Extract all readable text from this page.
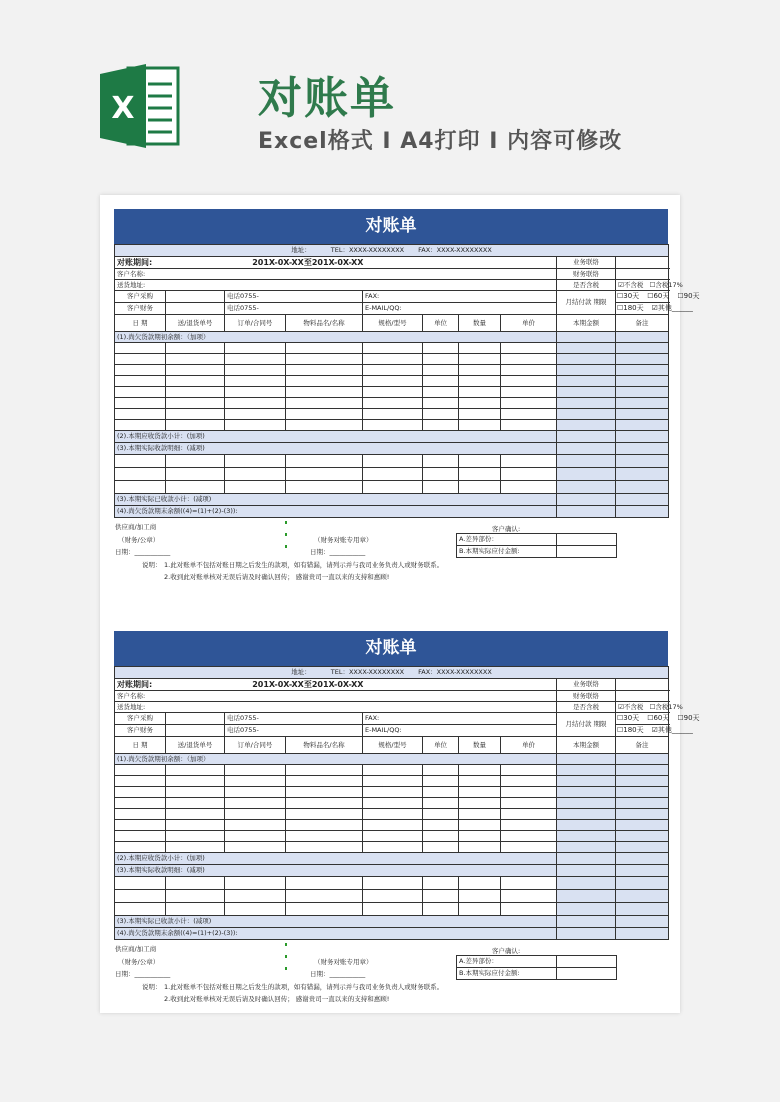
X	对账单
Excel格式 I A4打印 I 内容可修改
对账单
地址： TEL：XXXX-XXXXXXXX FAX：XXXX-XXXXXXXX									
对账期间: 201X-0X-XX至201X-0X-XX								业务联络	
客户名称:								财务联络	
送货地址:								是否含税	☑不含税 ☐含税17%
客户采购		电话0755-		FAX:				月结付款 期限	☐30天 ☐60天 ☐90天

客户财务		电话0755-		E-MAIL/QQ:					☐180天 ☑其他______

日 期	送/退货单号	订单/合同号	物料品名/名称	规格/型号	单位	数量	单价	本期金额	备注
(1).尚欠货款期初余额：（加项）									

(2).本期应收货款小计：(加项)									
(3).本期实际收款明细：(减项)									

(3).本期实际已收款小计：(减项)									
(4).尚欠货款期末余额((4)=(1)+(2)-(3)):									
供应商/加工商
（财务/公章）	（财务对账专用章）
日期：___________	日期：___________
客户确认:
A.差异部份：	
B.本期实际应付金额:	
说明： 1.此对账单不包括对账日期之后发生的款项，如有错漏，请列示并与我司业务负责人或财务联系。
2.收到此对账单核对无误后请及时确认回传； 感谢贵司一直以来的支持和惠顾!
对账单
地址： TEL：XXXX-XXXXXXXX FAX：XXXX-XXXXXXXX									
对账期间: 201X-0X-XX至201X-0X-XX								业务联络	
客户名称:								财务联络	
送货地址:								是否含税	☑不含税 ☐含税17%
客户采购		电话0755-		FAX:				月结付款 期限	☐30天 ☐60天 ☐90天

客户财务		电话0755-		E-MAIL/QQ:					☐180天 ☑其他______

日 期	送/退货单号	订单/合同号	物料品名/名称	规格/型号	单位	数量	单价	本期金额	备注
(1).尚欠货款期初余额：（加项）									

(2).本期应收货款小计：(加项)									
(3).本期实际收款明细：(减项)									

(3).本期实际已收款小计：(减项)									
(4).尚欠货款期末余额((4)=(1)+(2)-(3)):									
供应商/加工商
（财务/公章）	（财务对账专用章）
日期：___________	日期：___________
客户确认:
A.差异部份：	
B.本期实际应付金额:	
说明： 1.此对账单不包括对账日期之后发生的款项，如有错漏，请列示并与我司业务负责人或财务联系。
2.收到此对账单核对无误后请及时确认回传； 感谢贵司一直以来的支持和惠顾!
